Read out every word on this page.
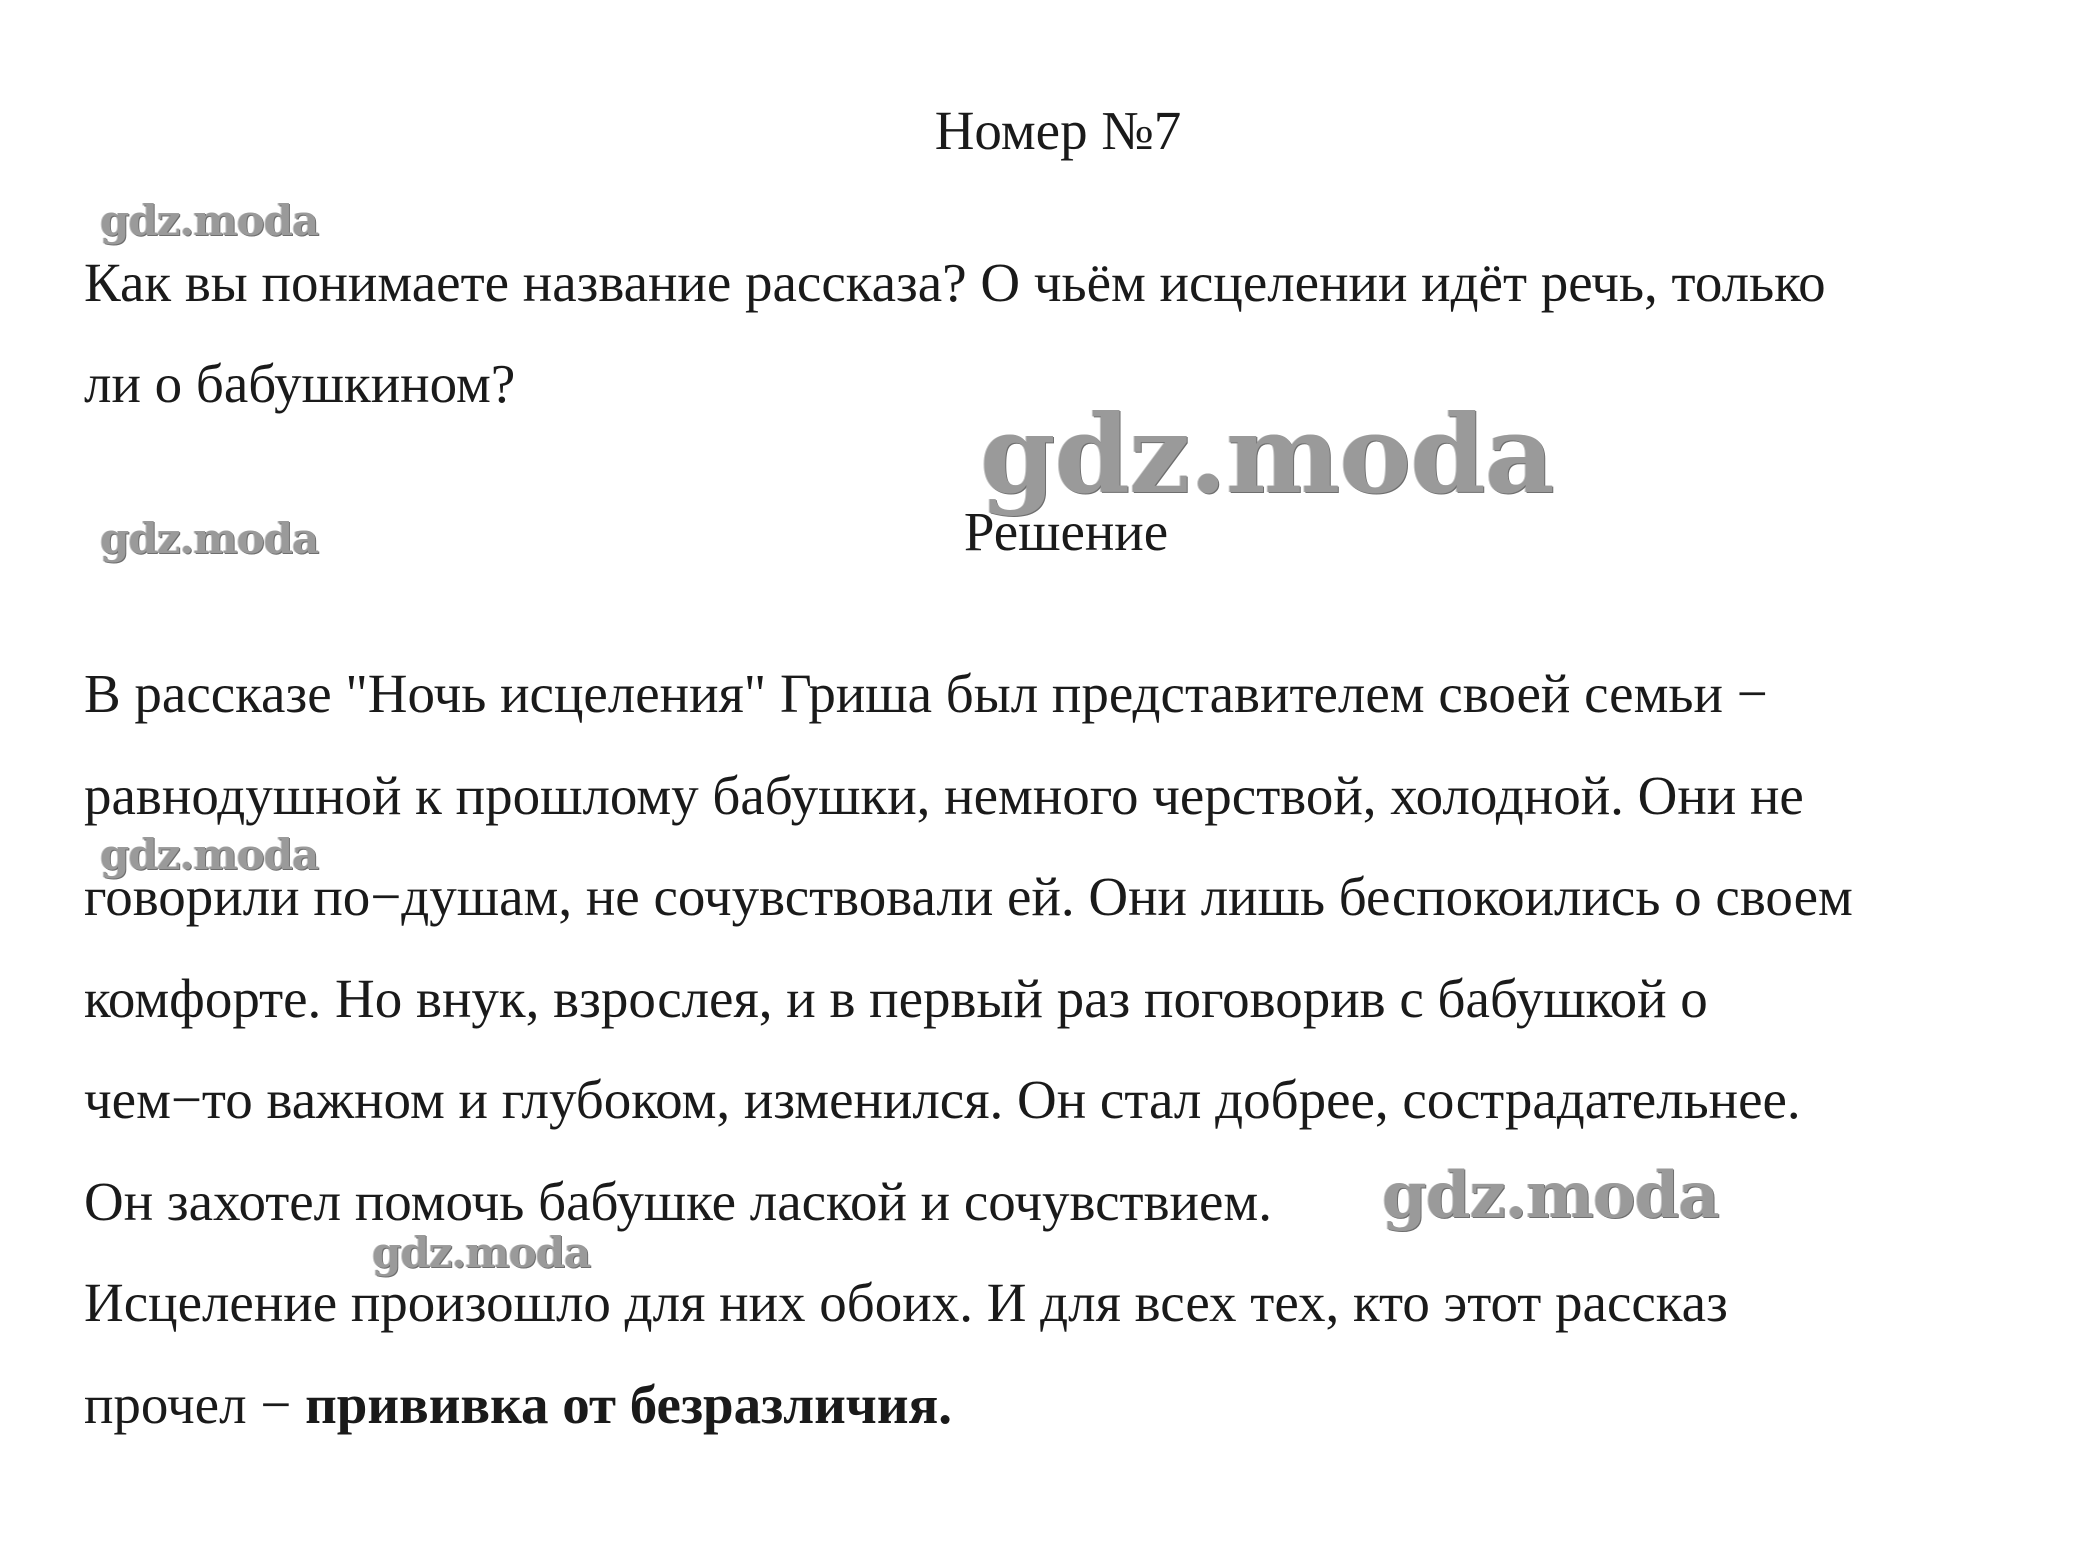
Номер №7
Как вы понимаете название рассказа? О чьём исцелении идёт речь, только
ли о бабушкином?
Решение
В рассказе "Ночь исцеления" Гриша был представителем своей семьи −
равнодушной к прошлому бабушки, немного черствой, холодной. Они не
говорили по−душам, не сочувствовали ей. Они лишь беспокоились о своем
комфорте. Но внук, взрослея, и в первый раз поговорив с бабушкой о
чем−то важном и глубоком, изменился. Он стал добрее, сострадательнее.
Он захотел помочь бабушке лаской и сочувствием.
Исцеление произошло для них обоих. И для всех тех, кто этот рассказ
прочел − прививка от безразличия.
gdz.moda
gdz.moda
gdz.moda
gdz.moda
gdz.moda
gdz.moda
